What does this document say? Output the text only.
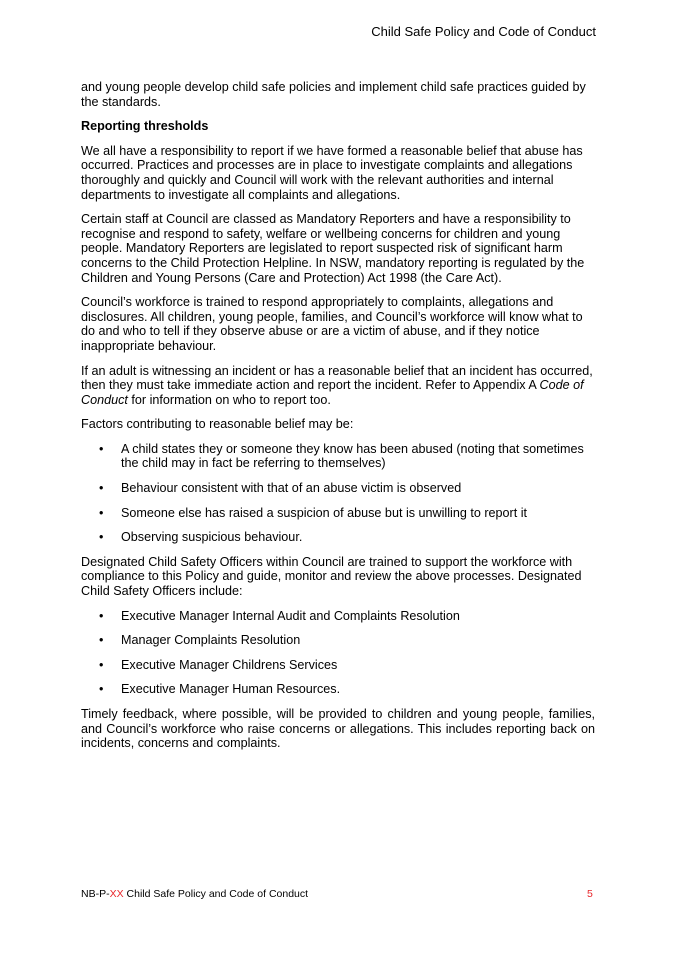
Child Safe Policy and Code of Conduct

and young people develop child safe policies and implement child safe practices guided by the standards.

Reporting thresholds

We all have a responsibility to report if we have formed a reasonable belief that abuse has occurred. Practices and processes are in place to investigate complaints and allegations thoroughly and quickly and Council will work with the relevant authorities and internal departments to investigate all complaints and allegations.

Certain staff at Council are classed as Mandatory Reporters and have a responsibility to recognise and respond to safety, welfare or wellbeing concerns for children and young people. Mandatory Reporters are legislated to report suspected risk of significant harm concerns to the Child Protection Helpline. In NSW, mandatory reporting is regulated by the Children and Young Persons (Care and Protection) Act 1998 (the Care Act).

Council’s workforce is trained to respond appropriately to complaints, allegations and disclosures. All children, young people, families, and Council’s workforce will know what to do and who to tell if they observe abuse or are a victim of abuse, and if they notice inappropriate behaviour.

If an adult is witnessing an incident or has a reasonable belief that an incident has occurred, then they must take immediate action and report the incident. Refer to Appendix A Code of Conduct for information on who to report too.

Factors contributing to reasonable belief may be:

• A child states they or someone they know has been abused (noting that sometimes the child may in fact be referring to themselves)
• Behaviour consistent with that of an abuse victim is observed
• Someone else has raised a suspicion of abuse but is unwilling to report it
• Observing suspicious behaviour.

Designated Child Safety Officers within Council are trained to support the workforce with compliance to this Policy and guide, monitor and review the above processes. Designated Child Safety Officers include:

• Executive Manager Internal Audit and Complaints Resolution
• Manager Complaints Resolution
• Executive Manager Childrens Services
• Executive Manager Human Resources.

Timely feedback, where possible, will be provided to children and young people, families, and Council’s workforce who raise concerns or allegations. This includes reporting back on incidents, concerns and complaints.

NB-P-XX Child Safe Policy and Code of Conduct	5
